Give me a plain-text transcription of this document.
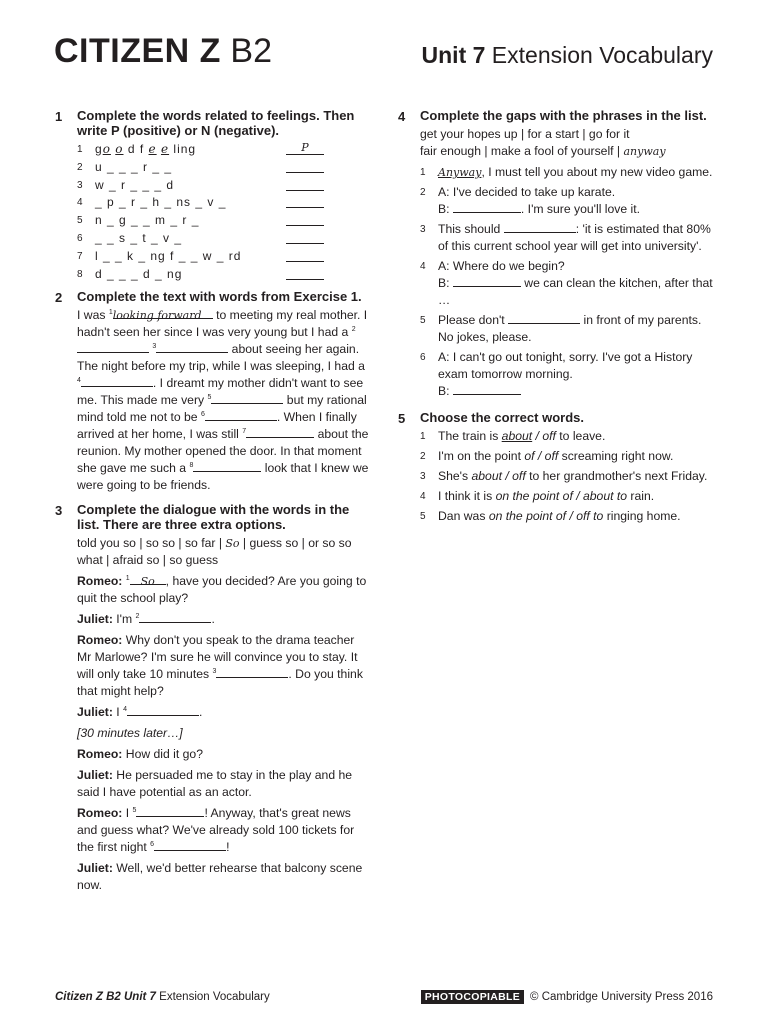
CITIZEN Z B2	Unit 7 Extension Vocabulary
1 Complete the words related to feelings. Then write P (positive) or N (negative).
1	go o d f e e ling	P
2	u _ _ _ r _ _
3	w _ r _ _ _ d
4	_ p _ r _ h _ ns _ v _
5	n _ g _ _ m _ r _
6	_ _ s _ t _ v _
7	l _ _ k _ ng f _ _ w _ rd
8	d _ _ _ d _ ng
2 Complete the text with words from Exercise 1.

I was $^1$looking forward to meeting my real mother. I hadn't seen her since I was very young but I had a $^2$ $^3$	about seeing her again. The night before my trip, while I was sleeping, I had a $^4$	. I dreamt my mother didn't want to see me. This made me very $^5$	but my rational mind told me not to be $^6$	. When I finally arrived at her home, I was still $^7$	about the reunion. My mother opened the door. In that moment she gave me such a $^8$	look that I knew we were going to be friends.

3 Complete the dialogue with the words in the list. There are three extra options.
told you so | so so | so far | So | guess so | or so so what | afraid so | so guess

Romeo: $^1$ So , have you decided? Are you going to quit the school play?

Juliet: I'm $^2$	.

Romeo: Why don't you speak to the drama teacher Mr Marlowe? I'm sure he will convince you to stay. It will only take 10 minutes $^3$	. Do you think that might help?

Juliet: I $^4$	.

[30 minutes later…]

Romeo: How did it go?

Juliet: He persuaded me to stay in the play and he said I have potential as an actor.

Romeo: I $^5$	! Anyway, that's great news and guess what? We've already sold 100 tickets for the first night $^6$	!

Juliet: Well, we'd better rehearse that balcony scene now.

4 Complete the gaps with the phrases in the list.
get your hopes up | for a start | go for it
fair enough | make a fool of yourself | anyway
1 Anyway, I must tell you about my new video game.
2 A: I've decided to take up karate.
B:	. I'm sure you'll love it.
3 This should	: 'it is estimated that 80% of this current school year will get into university'.
4 A: Where do we begin?
B:	we can clean the kitchen, after that …
5 Please don't	in front of my parents. No jokes, please.
6 A: I can't go out tonight, sorry. I've got a History exam tomorrow morning.
B:
5 Choose the correct words.
1 The train is about / off to leave.
2 I'm on the point of / off screaming right now.
3 She's about / off to her grandmother's next Friday.
4 I think it is on the point of / about to rain.
5 Dan was on the point of / off to ringing home.
Citizen Z B2 Unit 7 Extension Vocabulary	PHOTOCOPIABLE © Cambridge University Press 2016
